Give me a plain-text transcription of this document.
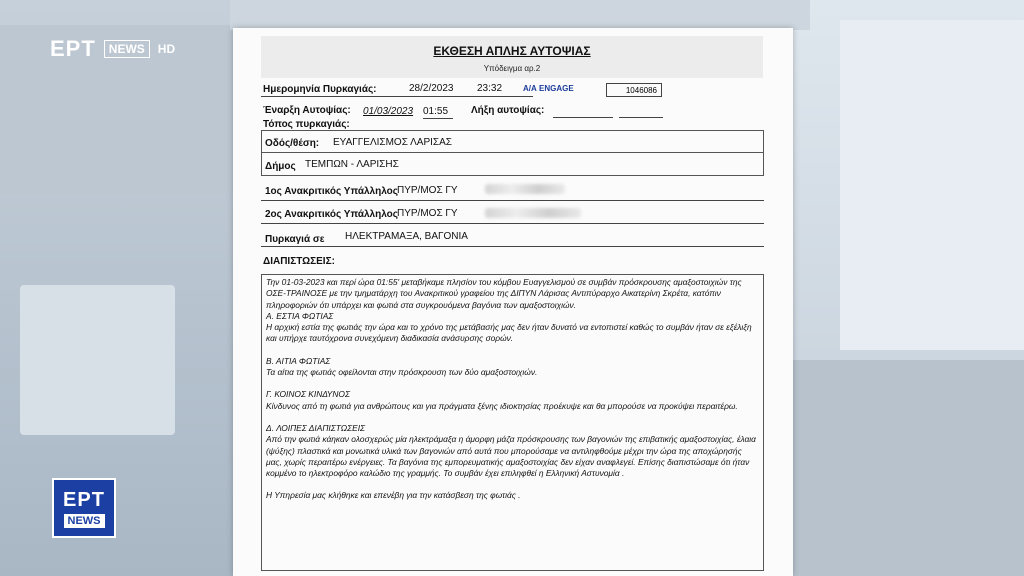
ΕΡΤ	NEWS	HD
ΕΡΤ
NEWS
ΕΚΘΕΣΗ ΑΠΛΗΣ ΑΥΤΟΨΙΑΣ
Υπόδειγμα αρ.2
Ημερομηνία Πυρκαγιάς:	28/2/2023 23:32	Α/Α ENGAGE	1046086
Έναρξη Αυτοψίας: 01/03/2023 01:55 Λήξη αυτοψίας:
Τόπος πυρκαγιάς:
Οδός/θέση: ΕΥΑΓΓΕΛΙΣΜΟΣ ΛΑΡΙΣΑΣ
Δήμος ΤΕΜΠΩΝ - ΛΑΡΙΣΗΣ
1ος Ανακριτικός Υπάλληλος ΠΥΡ/ΜΟΣ ΓΥ
2ος Ανακριτικός Υπάλληλος ΠΥΡ/ΜΟΣ ΓΥ
Πυρκαγιά σε ΗΛΕΚΤΡΑΜΑΞΑ, ΒΑΓΟΝΙΑ
ΔΙΑΠΙΣΤΩΣΕΙΣ:

Την 01-03-2023 και περί ώρα 01:55' μεταβήκαμε πλησίον του κόμβου Ευαγγελισμού σε συμβάν πρόσκρουσης αμαξοστοιχιών της ΟΣΕ-ΤΡΑΙΝΟΣΕ με την τμηματάρχη του Ανακριτικού γραφείου της ΔΙΠΥΝ Λάρισας Αντιπύραρχο Αικατερίνη Σκρέτα, κατόπιν πληροφοριών ότι υπάρχει και φωτιά στα συγκρουόμενα βαγόνια των αμαξοστοιχιών.

Α. ΕΣΤΙΑ ΦΩΤΙΑΣ

Η αρχική εστία της φωτιάς την ώρα και το χρόνο της μετάβασής μας δεν ήταν δυνατό να εντοπιστεί καθώς το συμβάν ήταν σε εξέλιξη και υπήρχε ταυτόχρονα συνεχόμενη διαδικασία ανάσυρσης σορών.

Β. ΑΙΤΙΑ ΦΩΤΙΑΣ

Τα αίτια της φωτιάς οφείλονται στην πρόσκρουση των δύο αμαξοστοιχιών.

Γ. ΚΟΙΝΟΣ ΚΙΝΔΥΝΟΣ

Κίνδυνος από τη φωτιά για ανθρώπους και για πράγματα ξένης ιδιοκτησίας προέκυψε και θα μπορούσε να προκύψει περαιτέρω.

Δ. ΛΟΙΠΕΣ ΔΙΑΠΙΣΤΩΣΕΙΣ

Από την φωτιά κάηκαν ολοσχερώς μία ηλεκτράμαξα η άμορφη μάζα πρόσκρουσης των βαγονιών της επιβατικής αμαξοστοιχίας, έλαια (ψύξης) πλαστικά και μονωτικά υλικά των βαγονιών από αυτά που μπορούσαμε να αντιληφθούμε μέχρι την ώρα της αποχώρησής μας, χωρίς περαιτέρω ενέργειες. Τα βαγόνια της εμπορευματικής αμαξοστοιχίας δεν είχαν αναφλεγεί. Επίσης διαπιστώσαμε ότι ήταν κομμένο το ηλεκτροφόρο καλώδιο της γραμμής. Το συμβάν έχει επιληφθεί η Ελληνική Αστυνομία .

Η Υπηρεσία μας κλήθηκε και επενέβη για την κατάσβεση της φωτιάς .
